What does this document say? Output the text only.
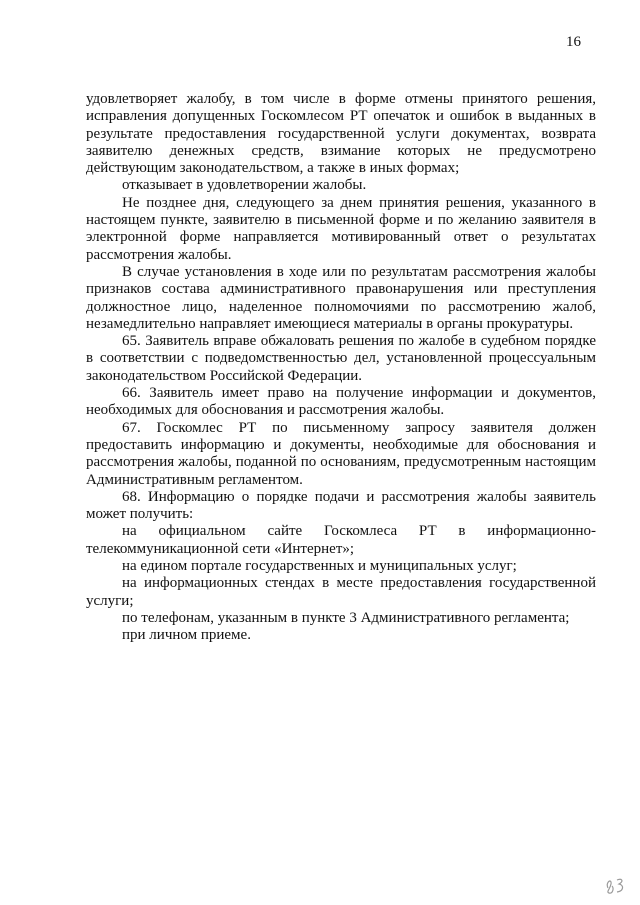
16

удовлетворяет жалобу, в том числе в форме отмены принятого решения, исправления допущенных Госкомлесом РТ опечаток и ошибок в выданных в результате предоставления государственной услуги документах, возврата заявителю денежных средств, взимание которых не предусмотрено действующим законодательством, а также в иных формах;

отказывает в удовлетворении жалобы.

Не позднее дня, следующего за днем принятия решения, указанного в настоящем пункте, заявителю в письменной форме и по желанию заявителя в электронной форме направляется мотивированный ответ о результатах рассмотрения жалобы.

В случае установления в ходе или по результатам рассмотрения жалобы признаков состава административного правонарушения или преступления должностное лицо, наделенное полномочиями по рассмотрению жалоб, незамедлительно направляет имеющиеся материалы в органы прокуратуры.

65. Заявитель вправе обжаловать решения по жалобе в судебном порядке в соответствии с подведомственностью дел, установленной процессуальным законодательством Российской Федерации.

66. Заявитель имеет право на получение информации и документов, необходимых для обоснования и рассмотрения жалобы.

67. Госкомлес РТ по письменному запросу заявителя должен предоставить информацию и документы, необходимые для обоснования и рассмотрения жалобы, поданной по основаниям, предусмотренным настоящим Административным регламентом.

68. Информацию о порядке подачи и рассмотрения жалобы заявитель может получить:

на официальном сайте Госкомлеса РТ в информационно-телекоммуникационной сети «Интернет»;

на едином портале государственных и муниципальных услуг;

на информационных стендах в месте предоставления государственной услуги;

по телефонам, указанным в пункте 3 Административного регламента;

при личном приеме.
